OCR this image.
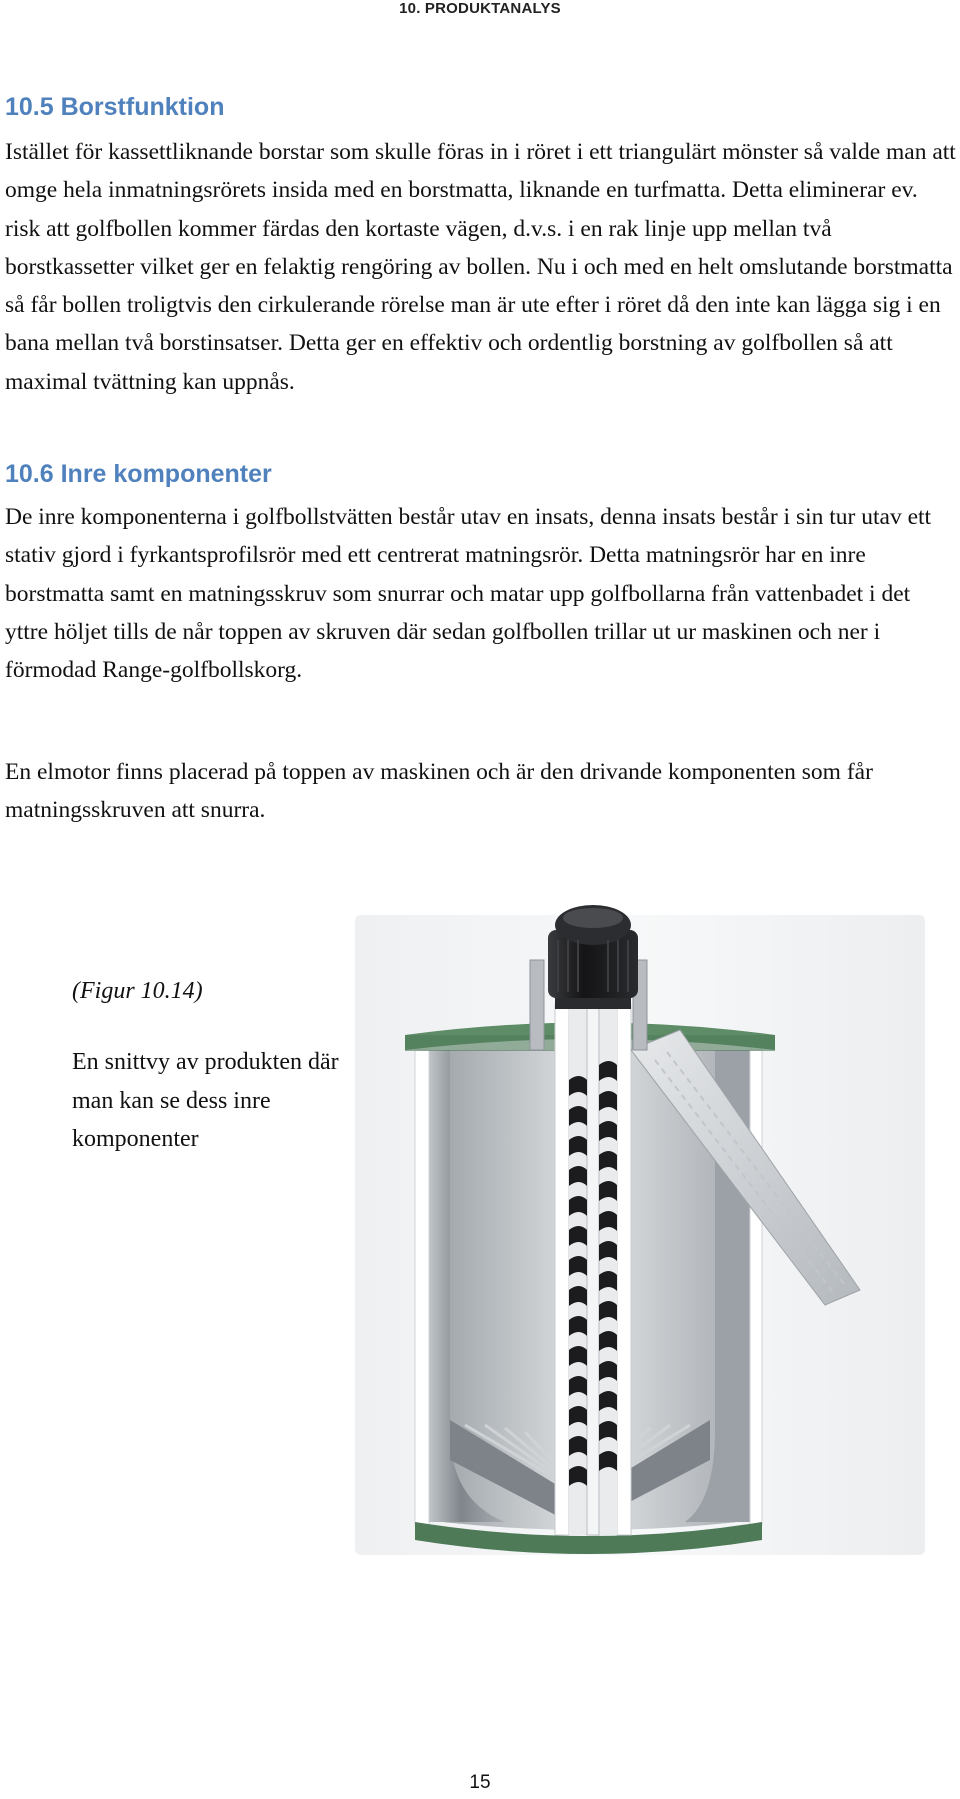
10. PRODUKTANALYS
10.5 Borstfunktion

Istället för kassettliknande borstar som skulle föras in i röret i ett triangulärt mönster så valde man att omge hela inmatningsrörets insida med en borstmatta, liknande en turfmatta. Detta eliminerar ev. risk att golfbollen kommer färdas den kortaste vägen, d.v.s. i en rak linje upp mellan två borstkassetter vilket ger en felaktig rengöring av bollen. Nu i och med en helt omslutande borstmatta så får bollen troligtvis den cirkulerande rörelse man är ute efter i röret då den inte kan lägga sig i en bana mellan två borstinsatser. Detta ger en effektiv och ordentlig borstning av golfbollen så att maximal tvättning kan uppnås.

10.6 Inre komponenter

De inre komponenterna i golfbollstvätten består utav en insats, denna insats består i sin tur utav ett stativ gjord i fyrkantsprofilsrör med ett centrerat matningsrör. Detta matningsrör har en inre borstmatta samt en matningsskruv som snurrar och matar upp golfbollarna från vattenbadet i det yttre höljet tills de når toppen av skruven där sedan golfbollen trillar ut ur maskinen och ner i förmodad Range-golfbollskorg.

En elmotor finns placerad på toppen av maskinen och är den drivande komponenten som får matningsskruven att snurra.

(Figur 10.14)

En snittvy av produkten där man kan se dess inre komponenter

15
